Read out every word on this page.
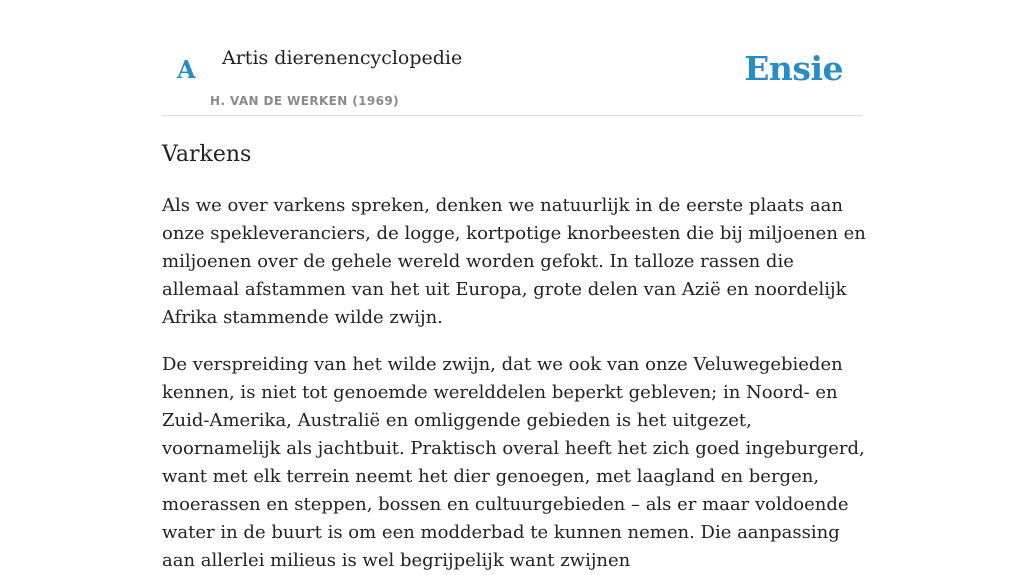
A Artis dierenencyclopedie
H. VAN DE WERKEN (1969)
Ensie
Varkens

Als we over varkens spreken, denken we natuurlijk in de eerste plaats aan onze spekleveranciers, de logge, kortpotige knorbeesten die bij miljoenen en miljoenen over de gehele wereld worden gefokt. In talloze rassen die allemaal afstammen van het uit Europa, grote delen van Azië en noordelijk Afrika stammende wilde zwijn.

De verspreiding van het wilde zwijn, dat we ook van onze Veluwegebieden kennen, is niet tot genoemde werelddelen beperkt gebleven; in Noord- en Zuid-Amerika, Australië en omliggende gebieden is het uitgezet, voornamelijk als jachtbuit. Praktisch overal heeft het zich goed ingeburgerd, want met elk terrein neemt het dier genoegen, met laagland en bergen, moerassen en steppen, bossen en cultuurgebieden – als er maar voldoende water in de buurt is om een modderbad te kunnen nemen. Die aanpassing aan allerlei milieus is wel begrijpelijk want zwijnen
